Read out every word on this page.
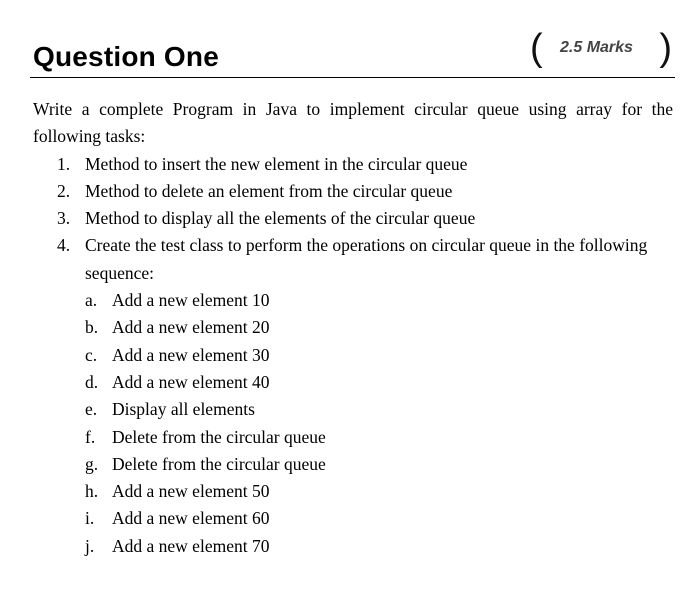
Question One	( 2.5 Marks )

Write a complete Program in Java to implement circular queue using array for the following tasks:

1. Method to insert the new element in the circular queue
2. Method to delete an element from the circular queue
3. Method to display all the elements of the circular queue
4. Create the test class to perform the operations on circular queue in the following sequence:
a. Add a new element 10
b. Add a new element 20
c. Add a new element 30
d. Add a new element 40
e. Display all elements
f. Delete from the circular queue
g. Delete from the circular queue
h. Add a new element 50
i. Add a new element 60
j. Add a new element 70
